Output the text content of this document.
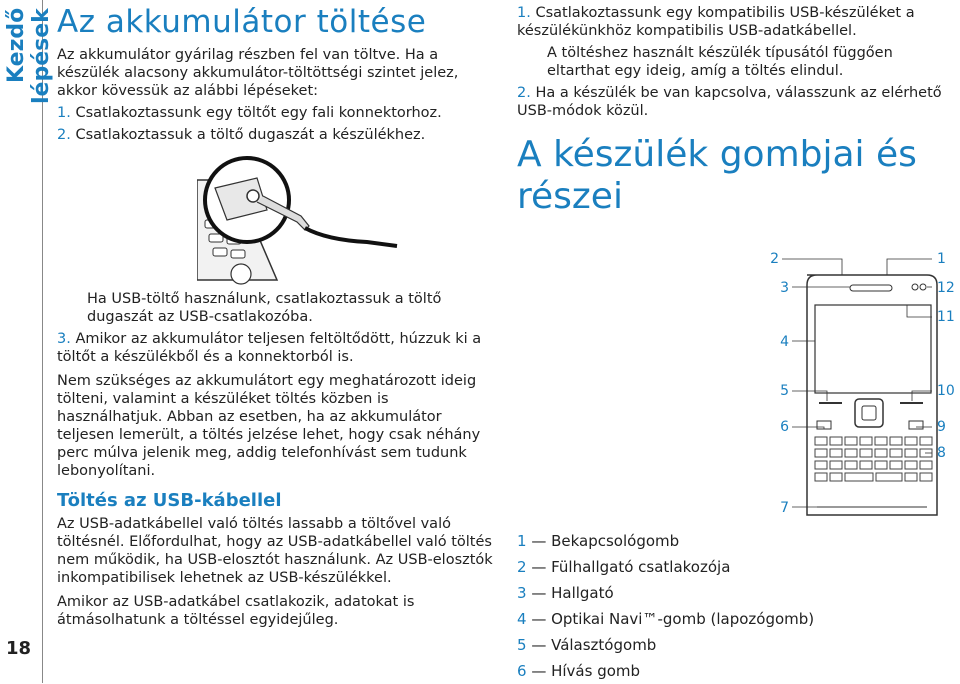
Kezdő lépések
18
Az akkumulátor töltése

Az akkumulátor gyárilag részben fel van töltve. Ha a készülék alacsony akkumulátor-töltöttségi szintet jelez, akkor kövessük az alábbi lépéseket:

1. Csatlakoztassunk egy töltőt egy fali konnektorhoz.
2. Csatlakoztassuk a töltő dugaszát a készülékhez.

Ha USB-töltő használunk, csatlakoztassuk a töltő dugaszát az USB-csatlakozóba.

3. Amikor az akkumulátor teljesen feltöltődött, húzzuk ki a töltőt a készülékből és a konnektorból is.

Nem szükséges az akkumulátort egy meghatározott ideig tölteni, valamint a készüléket töltés közben is használhatjuk. Abban az esetben, ha az akkumulátor teljesen lemerült, a töltés jelzése lehet, hogy csak néhány perc múlva jelenik meg, addig telefonhívást sem tudunk lebonyolítani.

Töltés az USB-kábellel

Az USB-adatkábellel való töltés lassabb a töltővel való töltésnél. Előfordulhat, hogy az USB-adatkábellel való töltés nem működik, ha USB-elosztót használunk. Az USB-elosztók inkompatibilisek lehetnek az USB-készülékkel.

Amikor az USB-adatkábel csatlakozik, adatokat is átmásolhatunk a töltéssel egyidejűleg.

1. Csatlakoztassunk egy kompatibilis USB-készüléket a készülékünkhöz kompatibilis USB-adatkábellel.

A töltéshez használt készülék típusától függően eltarthat egy ideig, amíg a töltés elindul.

2. Ha a készülék be van kapcsolva, válasszunk az elérhető USB-módok közül.
A készülék gombjai és részei
2	1
3	12
11
4
5	10
6	9
8
7
1 — Bekapcsológomb
2 — Fülhallgató csatlakozója
3 — Hallgató
4 — Optikai Navi™-gomb (lapozógomb)
5 — Választógomb
6 — Hívás gomb
